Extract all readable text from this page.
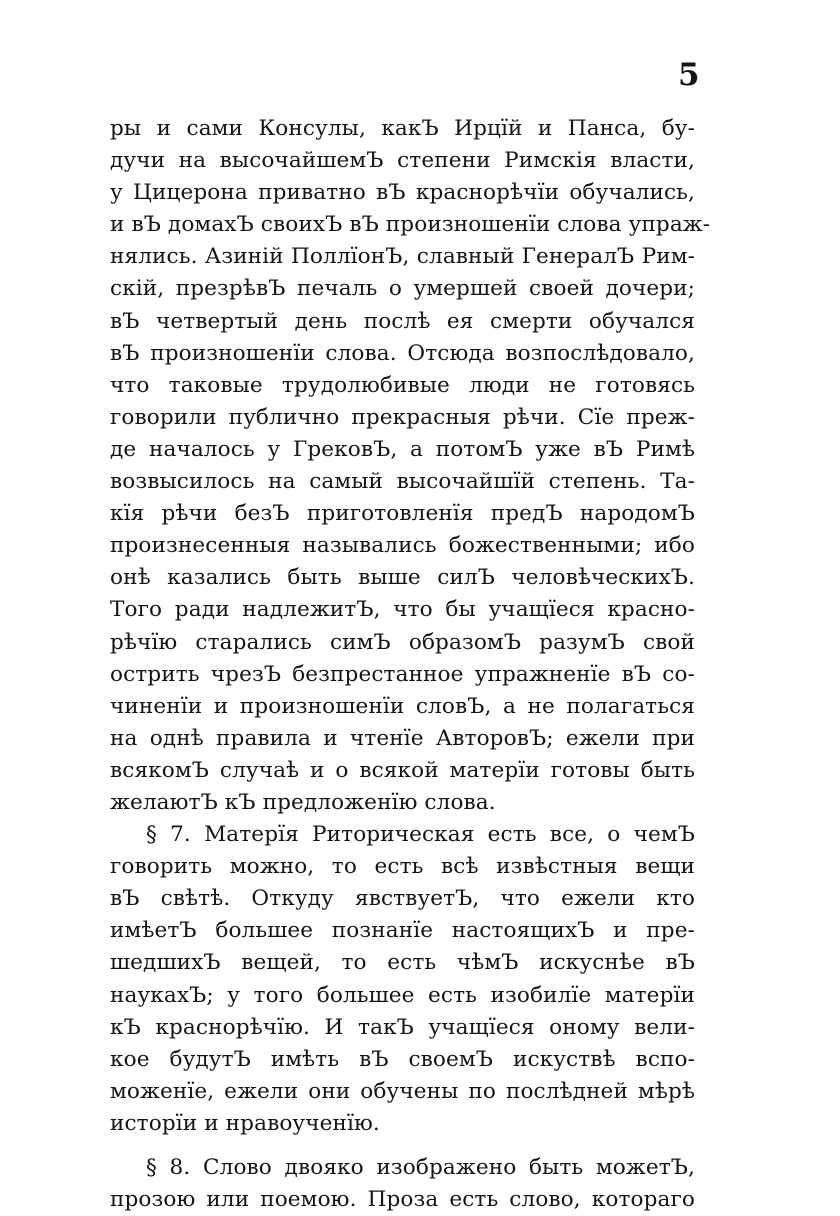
5
ры и сами Консулы, какЪ Ирцїй и Панса, бу-
дучи на высочайшемЪ степени Римскія власти,
у Цицерона приватно вЪ краснорѣчїи обучались,
и вЪ домахЪ своихЪ вЪ произношенїи слова упраж-
нялись. Азиній ПоллїонЪ, славный ГенералЪ Рим-
скій, презрѣвЪ печаль о умершей своей дочери;
вЪ четвертый день послѣ ея смерти обучался
вЪ произношенїи слова. Отсюда возпослѣдовало,
что таковые трудолюбивые люди не готовясь
говорили публично прекрасныя рѣчи. Сїе преж-
де началось у ГрековЪ, а потомЪ уже вЪ Римѣ
возвысилось на самый высочайшїй степень. Та-
кїя рѣчи безЪ приготовленїя предЪ народомЪ
произнесенныя назывались божественными; ибо
онѣ казались быть выше силЪ человѣческихЪ.
Того ради надлежитЪ, что бы учащїеся красно-
рѣчїю старались симЪ образомЪ разумЪ свой
острить чрезЪ безпрестанное упражненїе вЪ со-
чиненїи и произношенїи словЪ, а не полагаться
на однѣ правила и чтенїе АвторовЪ; ежели при
всякомЪ случаѣ и о всякой матерїи готовы быть
желаютЪ кЪ предложенїю слова.
§ 7. Матерїя Риторическая есть все, о чемЪ
говорить можно, то есть всѣ извѣстныя вещи
вЪ свѣтѣ. Откуду явствуетЪ, что ежели кто
имѣетЪ большее познанїе настоящихЪ и пре-
шедшихЪ вещей, то есть чѣмЪ искуснѣе вЪ
наукахЪ; у того большее есть изобилїе матерїи
кЪ краснорѣчїю. И такЪ учащїеся оному вели-
кое будутЪ имѣть вЪ своемЪ искуствѣ вспо-
моженїе, ежели они обучены по послѣдней мѣрѣ
исторїи и нравоученїю.
§ 8. Слово двояко изображено быть можетЪ,
прозою или поемою. Проза есть слово, котораго
